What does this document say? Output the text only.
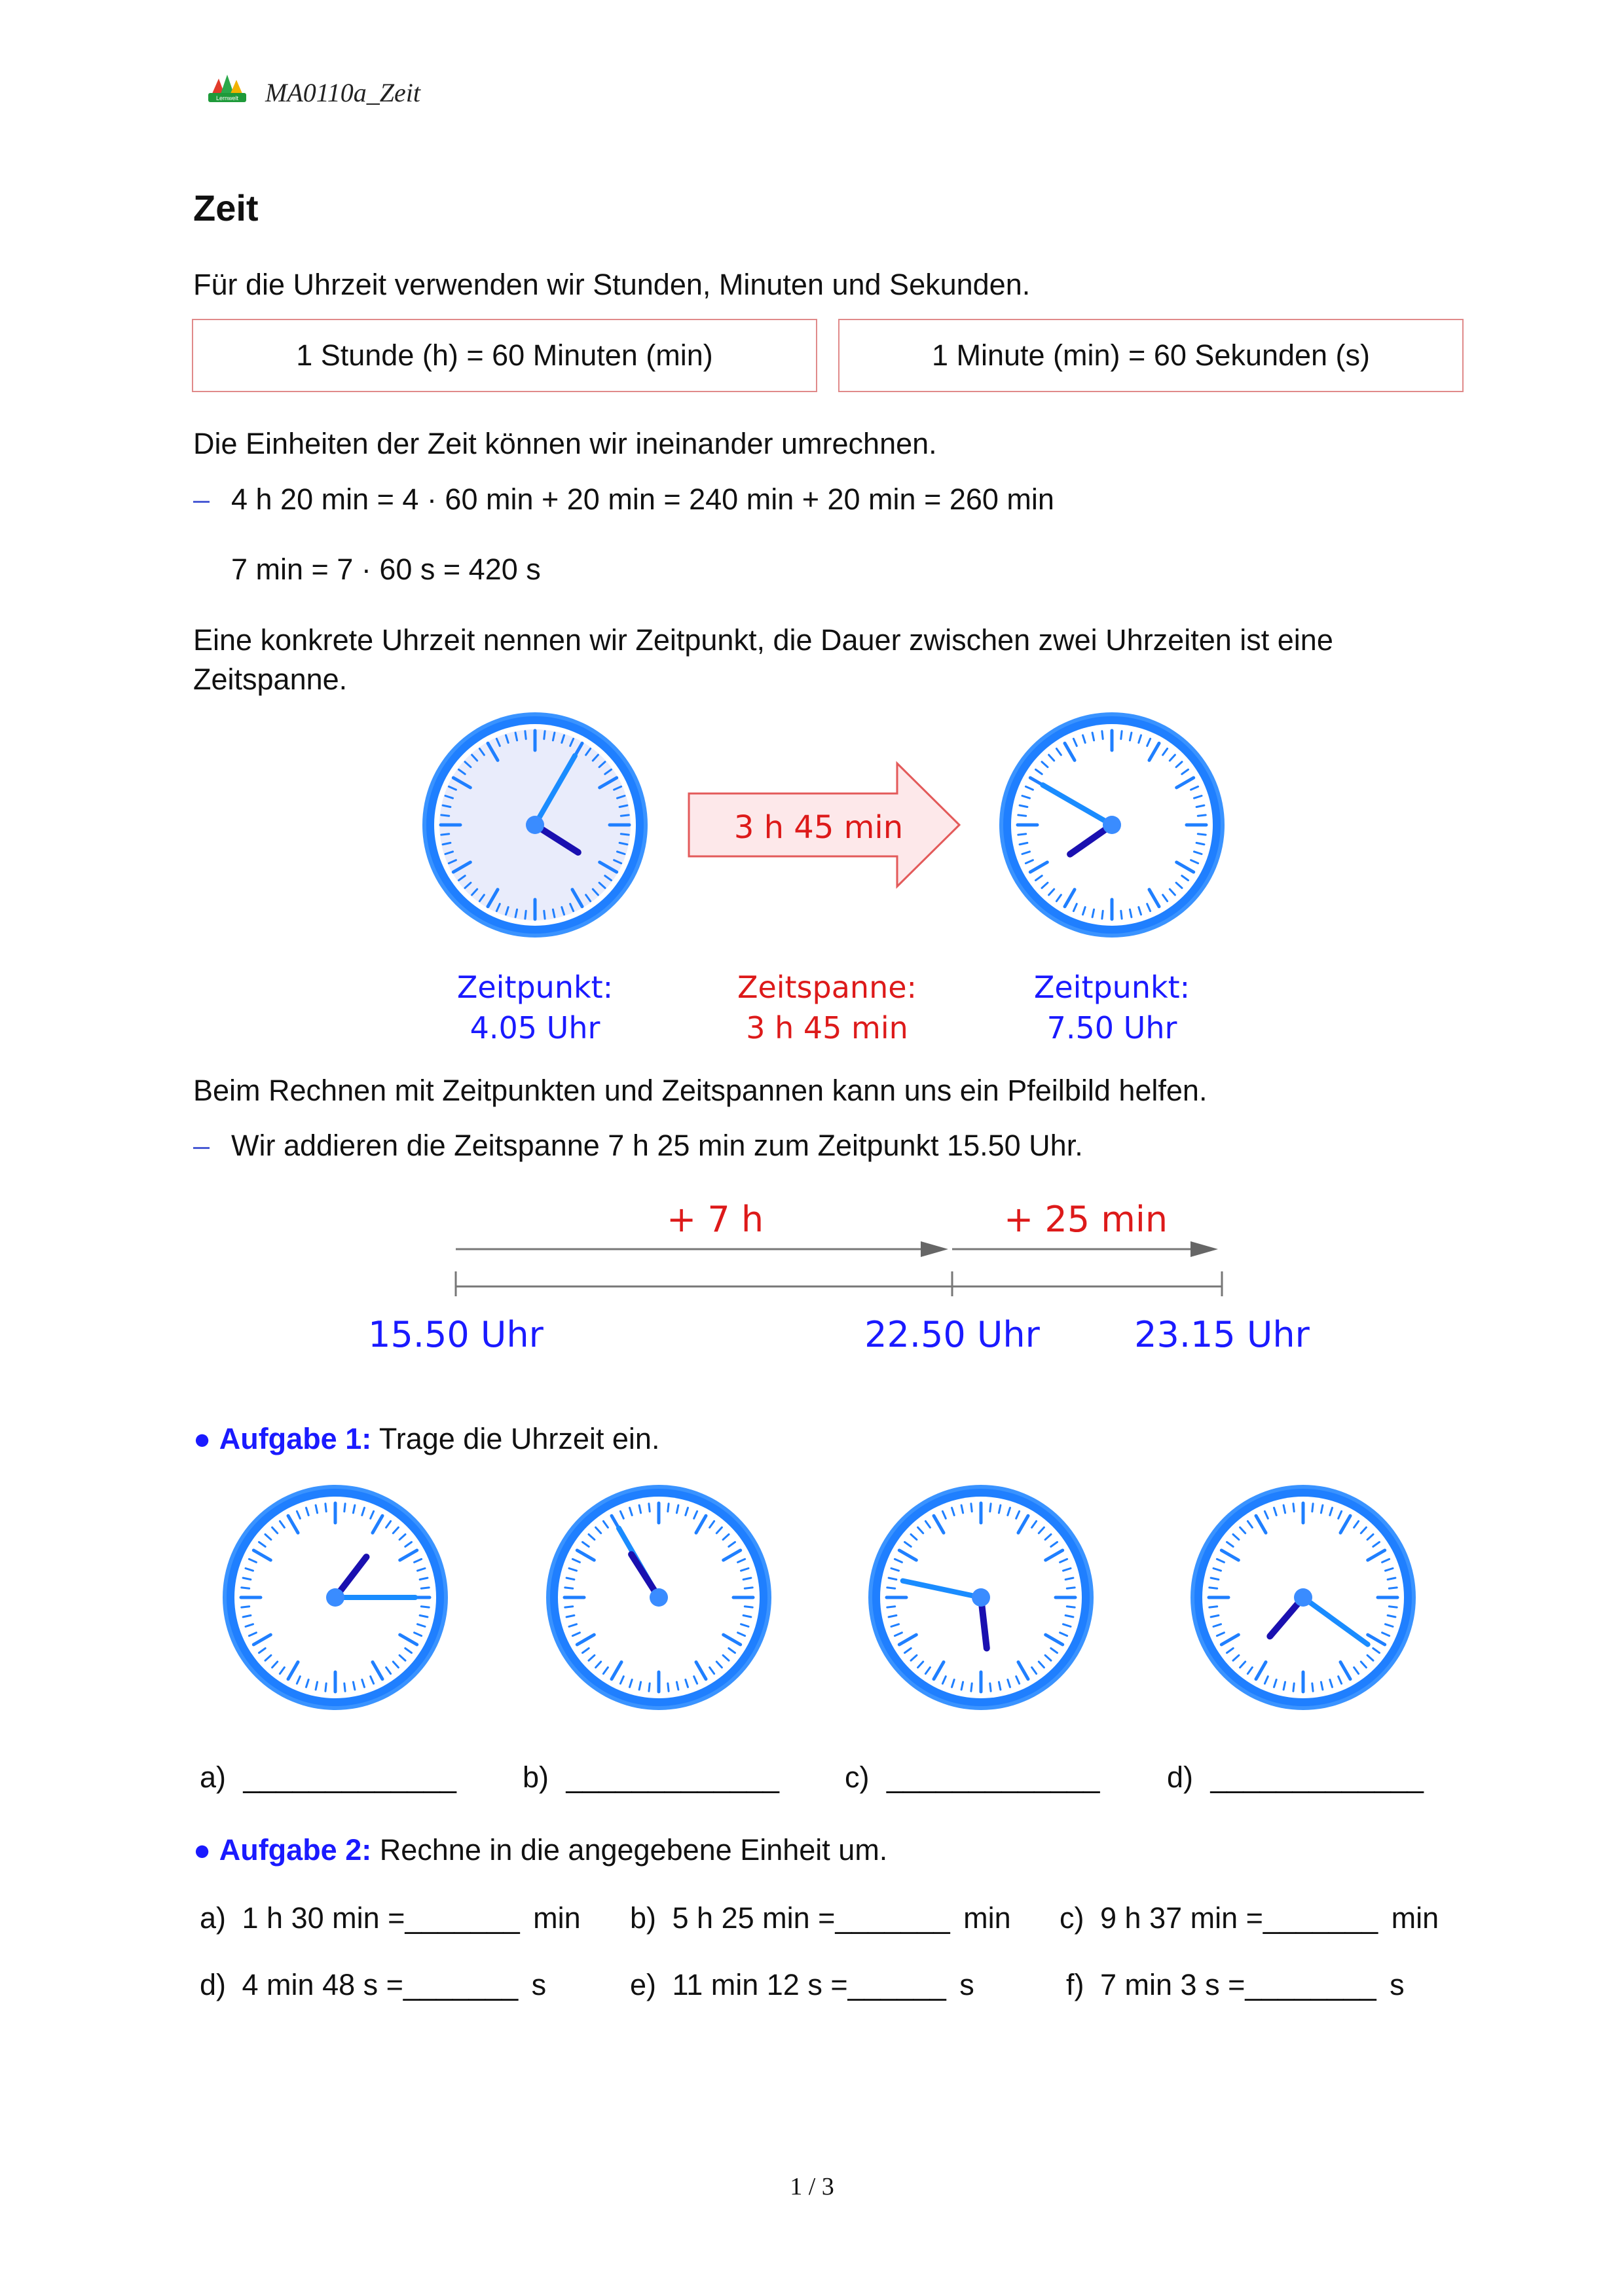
Lernwelt MA0110a_Zeit
Zeit
Für die Uhrzeit verwenden wir Stunden, Minuten und Sekunden.
1 Stunde (h) = 60 Minuten (min)	1 Minute (min) = 60 Sekunden (s)
Die Einheiten der Zeit können wir ineinander umrechnen.
– 4 h 20 min = 4 · 60 min + 20 min = 240 min + 20 min = 260 min
7 min = 7 · 60 s = 420 s
Eine konkrete Uhrzeit nennen wir Zeitpunkt, die Dauer zwischen zwei Uhrzeiten ist eine
Zeitspanne.
3 h 45 min
Zeitpunkt:
4.05 Uhr
Zeitspanne:
3 h 45 min
Zeitpunkt:
7.50 Uhr
Beim Rechnen mit Zeitpunkten und Zeitspannen kann uns ein Pfeilbild helfen.
– Wir addieren die Zeitspanne 7 h 25 min zum Zeitpunkt 15.50 Uhr.
+ 7 h	+ 25 min
15.50 Uhr	22.50 Uhr	23.15 Uhr
● Aufgabe 1: Trage die Uhrzeit ein.
a) _____________ b) _____________ c) _____________ d) _____________
● Aufgabe 2: Rechne in die angegebene Einheit um.
a) 1 h 30 min =_______ min b) 5 h 25 min =_______ min c) 9 h 37 min =_______ min
d) 4 min 48 s =_______ s	e) 11 min 12 s =______ s	f) 7 min 3 s =________ s
1 / 3
